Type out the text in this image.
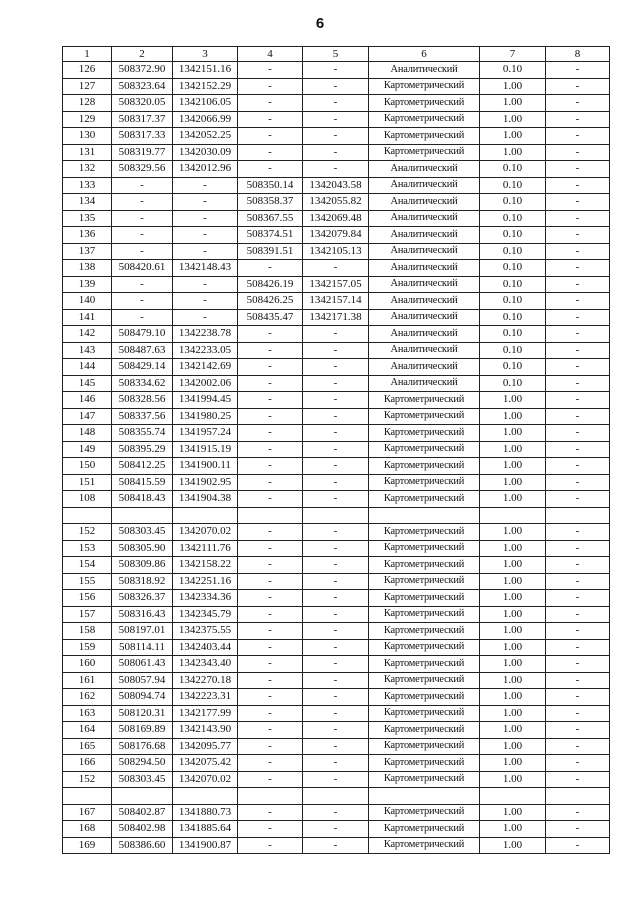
6
1	2	3	4	5	6	7	8
126	508372.90	1342151.16	-	-	Аналитический	0.10	-
127	508323.64	1342152.29	-	-	Картометрический	1.00	-
128	508320.05	1342106.05	-	-	Картометрический	1.00	-
129	508317.37	1342066.99	-	-	Картометрический	1.00	-
130	508317.33	1342052.25	-	-	Картометрический	1.00	-
131	508319.77	1342030.09	-	-	Картометрический	1.00	-
132	508329.56	1342012.96	-	-	Аналитический	0.10	-
133	-	-	508350.14	1342043.58	Аналитический	0.10	-
134	-	-	508358.37	1342055.82	Аналитический	0.10	-
135	-	-	508367.55	1342069.48	Аналитический	0.10	-
136	-	-	508374.51	1342079.84	Аналитический	0.10	-
137	-	-	508391.51	1342105.13	Аналитический	0.10	-
138	508420.61	1342148.43	-	-	Аналитический	0.10	-
139	-	-	508426.19	1342157.05	Аналитический	0.10	-
140	-	-	508426.25	1342157.14	Аналитический	0.10	-
141	-	-	508435.47	1342171.38	Аналитический	0.10	-
142	508479.10	1342238.78	-	-	Аналитический	0.10	-
143	508487.63	1342233.05	-	-	Аналитический	0.10	-
144	508429.14	1342142.69	-	-	Аналитический	0.10	-
145	508334.62	1342002.06	-	-	Аналитический	0.10	-
146	508328.56	1341994.45	-	-	Картометрический	1.00	-
147	508337.56	1341980.25	-	-	Картометрический	1.00	-
148	508355.74	1341957.24	-	-	Картометрический	1.00	-
149	508395.29	1341915.19	-	-	Картометрический	1.00	-
150	508412.25	1341900.11	-	-	Картометрический	1.00	-
151	508415.59	1341902.95	-	-	Картометрический	1.00	-
108	508418.43	1341904.38	-	-	Картометрический	1.00	-

152	508303.45	1342070.02	-	-	Картометрический	1.00	-
153	508305.90	1342111.76	-	-	Картометрический	1.00	-
154	508309.86	1342158.22	-	-	Картометрический	1.00	-
155	508318.92	1342251.16	-	-	Картометрический	1.00	-
156	508326.37	1342334.36	-	-	Картометрический	1.00	-
157	508316.43	1342345.79	-	-	Картометрический	1.00	-
158	508197.01	1342375.55	-	-	Картометрический	1.00	-
159	508114.11	1342403.44	-	-	Картометрический	1.00	-
160	508061.43	1342343.40	-	-	Картометрический	1.00	-
161	508057.94	1342270.18	-	-	Картометрический	1.00	-
162	508094.74	1342223.31	-	-	Картометрический	1.00	-
163	508120.31	1342177.99	-	-	Картометрический	1.00	-
164	508169.89	1342143.90	-	-	Картометрический	1.00	-
165	508176.68	1342095.77	-	-	Картометрический	1.00	-
166	508294.50	1342075.42	-	-	Картометрический	1.00	-
152	508303.45	1342070.02	-	-	Картометрический	1.00	-

167	508402.87	1341880.73	-	-	Картометрический	1.00	-
168	508402.98	1341885.64	-	-	Картометрический	1.00	-
169	508386.60	1341900.87	-	-	Картометрический	1.00	-
